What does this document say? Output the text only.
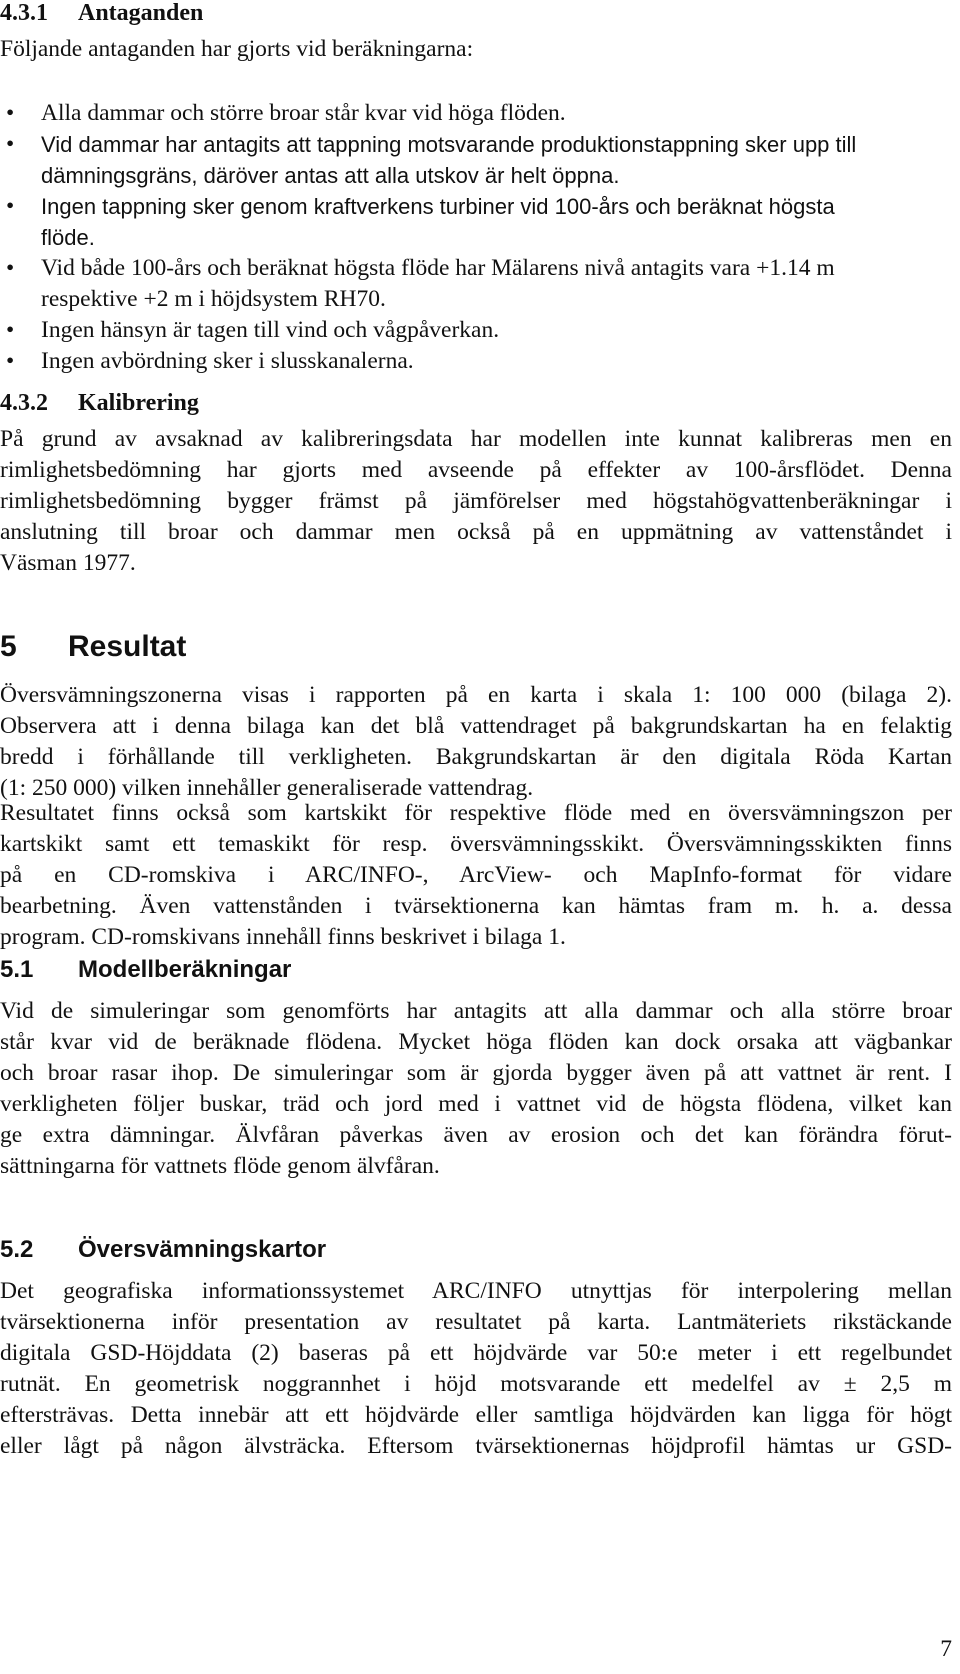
4.3.1 Antaganden

Följande antaganden har gjorts vid beräkningarna:

• Alla dammar och större broar står kvar vid höga flöden.
• Vid dammar har antagits att tappning motsvarande produktionstappning sker upp till
dämningsgräns, däröver antas att alla utskov är helt öppna.
• Ingen tappning sker genom kraftverkens turbiner vid 100-års och beräknat högsta
flöde.
• Vid både 100-års och beräknat högsta flöde har Mälarens nivå antagits vara +1.14 m
respektive +2 m i höjdsystem RH70.
• Ingen hänsyn är tagen till vind och vågpåverkan.
• Ingen avbördning sker i slusskanalerna.
4.3.2 Kalibrering

På grund av avsaknad av kalibreringsdata har modellen inte kunnat kalibreras men en
rimlighetsbedömning har gjorts med avseende på effekter av 100-årsflödet. Denna
rimlighetsbedömning bygger främst på jämförelser med högstahögvattenberäkningar i
anslutning till broar och dammar men också på en uppmätning av vattenståndet i
Väsman 1977.

5 Resultat

Översvämningszonerna visas i rapporten på en karta i skala 1: 100 000 (bilaga 2).
Observera att i denna bilaga kan det blå vattendraget på bakgrundskartan ha en felaktig
bredd i förhållande till verkligheten. Bakgrundskartan är den digitala Röda Kartan
(1: 250 000) vilken innehåller generaliserade vattendrag.

Resultatet finns också som kartskikt för respektive flöde med en översvämningszon per
kartskikt samt ett temaskikt för resp. översvämningsskikt. Översvämningsskikten finns
på en CD-romskiva i ARC/INFO-, ArcView- och MapInfo-format för vidare
bearbetning. Även vattenstånden i tvärsektionerna kan hämtas fram m. h. a. dessa
program. CD-romskivans innehåll finns beskrivet i bilaga 1.

5.1 Modellberäkningar

Vid de simuleringar som genomförts har antagits att alla dammar och alla större broar
står kvar vid de beräknade flödena. Mycket höga flöden kan dock orsaka att vägbankar
och broar rasar ihop. De simuleringar som är gjorda bygger även på att vattnet är rent. I
verkligheten följer buskar, träd och jord med i vattnet vid de högsta flödena, vilket kan
ge extra dämningar. Älvfåran påverkas även av erosion och det kan förändra förut-
sättningarna för vattnets flöde genom älvfåran.

5.2 Översvämningskartor

Det geografiska informationssystemet ARC/INFO utnyttjas för interpolering mellan
tvärsektionerna inför presentation av resultatet på karta. Lantmäteriets rikstäckande
digitala GSD-Höjddata (2) baseras på ett höjdvärde var 50:e meter i ett regelbundet
rutnät. En geometrisk noggrannhet i höjd motsvarande ett medelfel av ± 2,5 m
eftersträvas. Detta innebär att ett höjdvärde eller samtliga höjdvärden kan ligga för högt
eller lågt på någon älvsträcka. Eftersom tvärsektionernas höjdprofil hämtas ur GSD-

7
